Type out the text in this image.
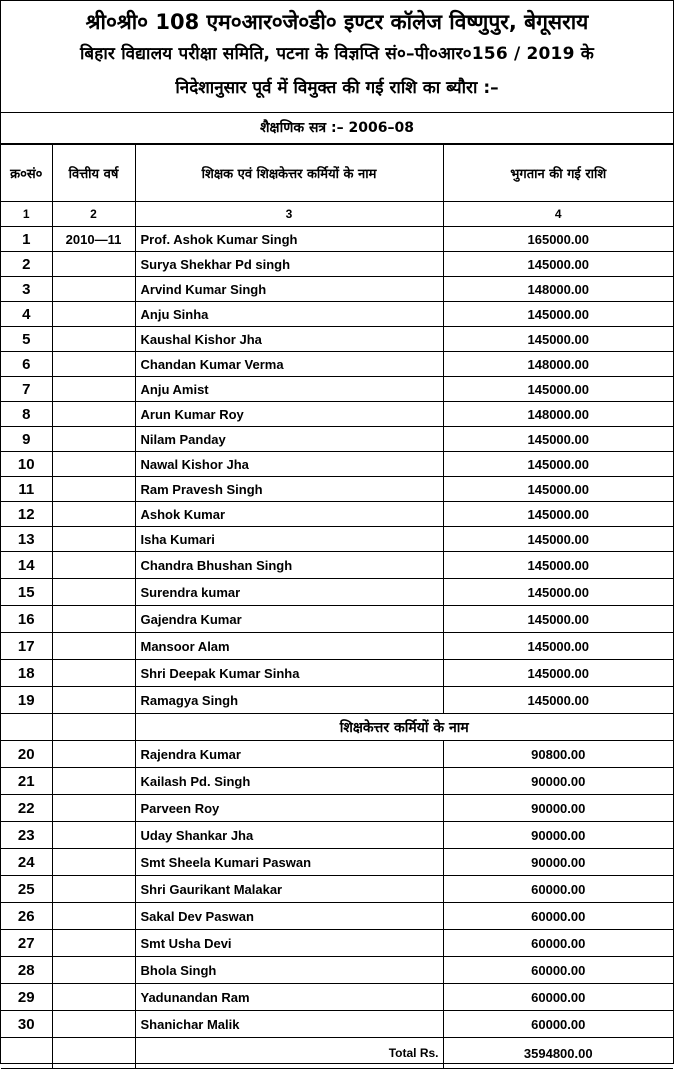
श्री०श्री० 108 एम०आर०जे०डी० इण्टर कॉलेज विष्णुपुर, बेगूसराय
बिहार विद्यालय परीक्षा समिति, पटना के विज्ञप्ति सं०–पी०आर०156 / 2019 के
निदेशानुसार पूर्व में विमुक्त की गई राशि का ब्यौरा :–
शैक्षणिक सत्र :– 2006–08
क्र०सं०	वित्तीय वर्ष	शिक्षक एवं शिक्षकेत्तर कर्मियों के नाम	भुगतान की गई राशि
1	2	3	4
1	2010—11	Prof. Ashok Kumar Singh	165000.00
2		Surya Shekhar Pd singh	145000.00
3		Arvind Kumar Singh	148000.00
4		Anju Sinha	145000.00
5		Kaushal Kishor Jha	145000.00
6		Chandan Kumar Verma	148000.00
7		Anju Amist	145000.00
8		Arun Kumar Roy	148000.00
9		Nilam Panday	145000.00
10		Nawal Kishor Jha	145000.00
11		Ram Pravesh Singh	145000.00
12		Ashok Kumar	145000.00
13		Isha Kumari	145000.00
14		Chandra Bhushan Singh	145000.00
15		Surendra kumar	145000.00
16		Gajendra Kumar	145000.00
17		Mansoor Alam	145000.00
18		Shri Deepak Kumar Sinha	145000.00
19		Ramagya Singh	145000.00
		शिक्षकेत्तर कर्मियों के नाम	
20		Rajendra Kumar	90800.00
21		Kailash Pd. Singh	90000.00
22		Parveen Roy	90000.00
23		Uday Shankar Jha	90000.00
24		Smt Sheela Kumari Paswan	90000.00
25		Shri Gaurikant Malakar	60000.00
26		Sakal Dev Paswan	60000.00
27		Smt Usha Devi	60000.00
28		Bhola Singh	60000.00
29		Yadunandan Ram	60000.00
30		Shanichar Malik	60000.00
		Total Rs.	3594800.00
